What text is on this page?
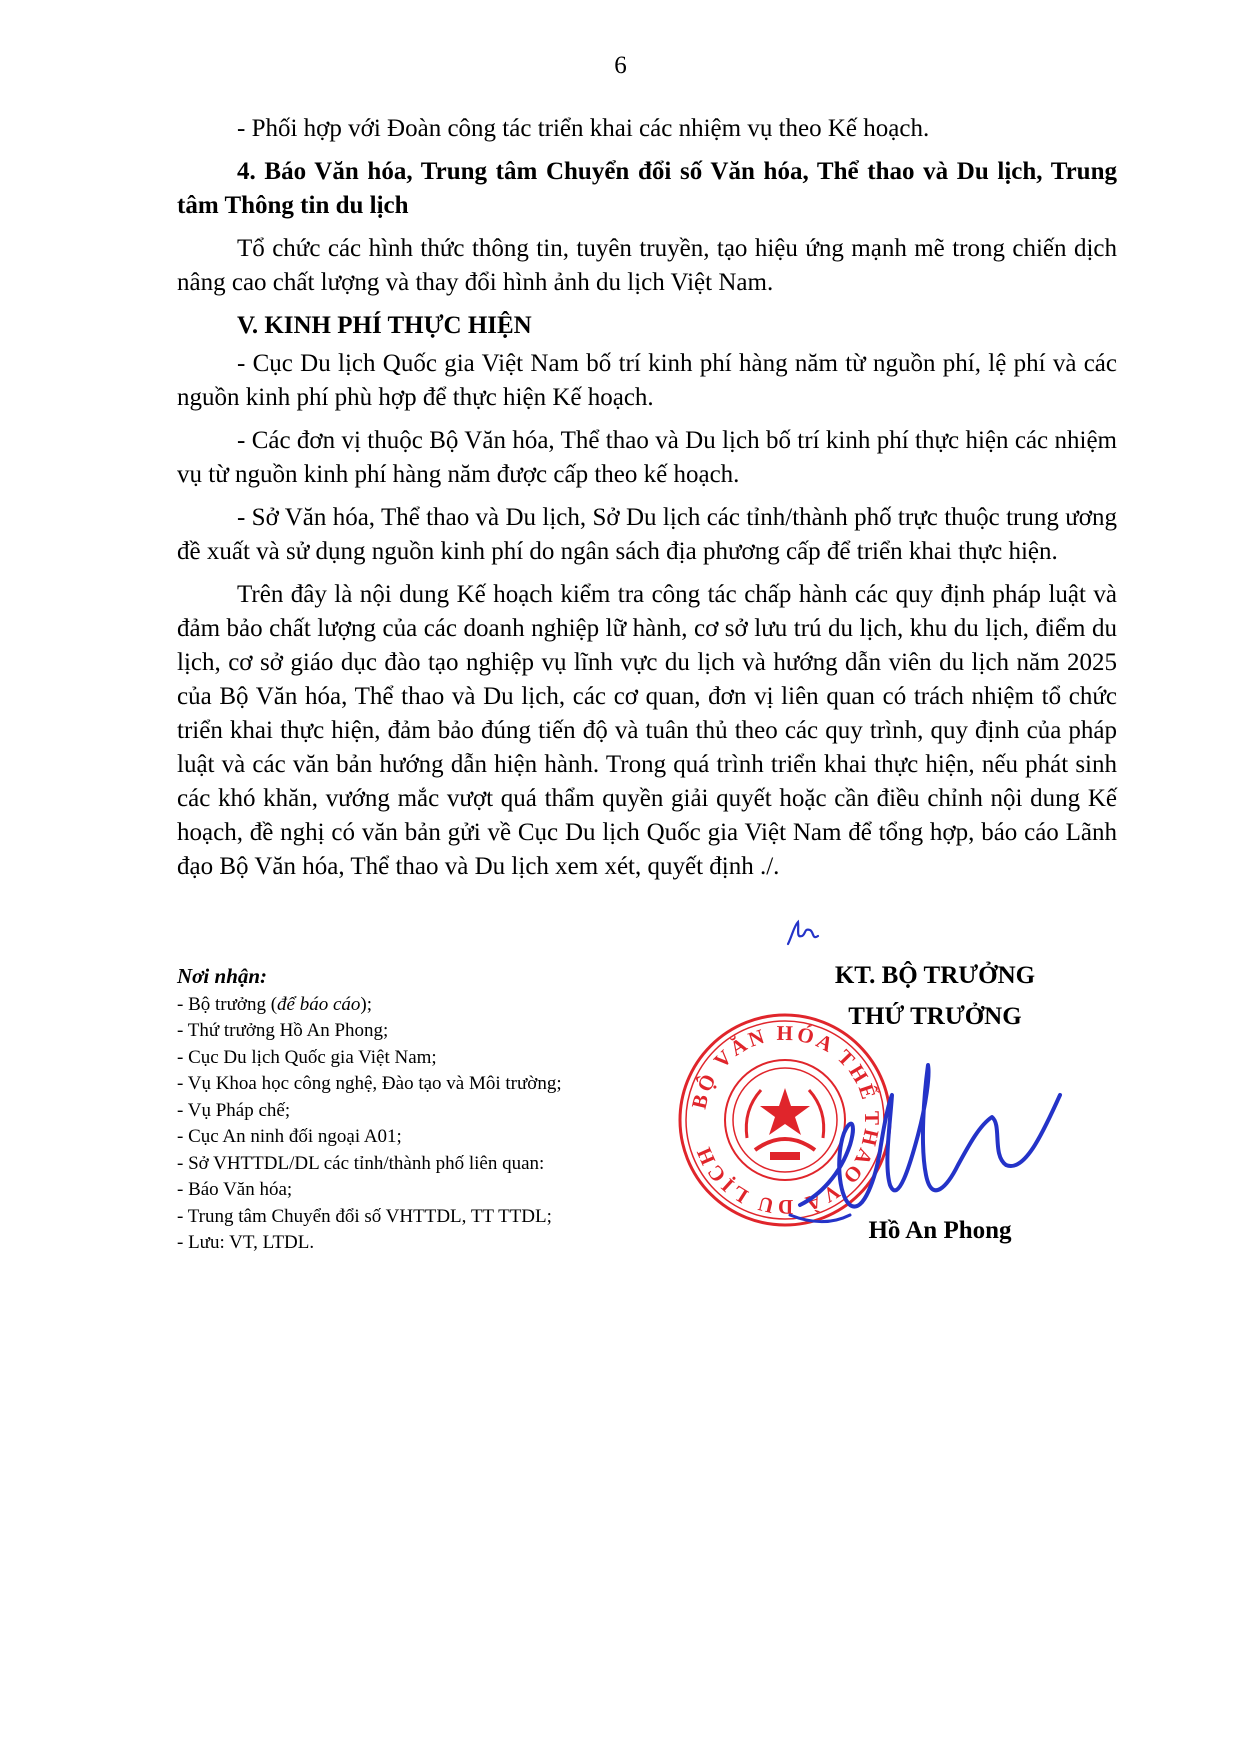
6

- Phối hợp với Đoàn công tác triển khai các nhiệm vụ theo Kế hoạch.

4. Báo Văn hóa, Trung tâm Chuyển đổi số Văn hóa, Thể thao và Du lịch, Trung tâm Thông tin du lịch

Tổ chức các hình thức thông tin, tuyên truyền, tạo hiệu ứng mạnh mẽ trong chiến dịch nâng cao chất lượng và thay đổi hình ảnh du lịch Việt Nam.

V. KINH PHÍ THỰC HIỆN

- Cục Du lịch Quốc gia Việt Nam bố trí kinh phí hàng năm từ nguồn phí, lệ phí và các nguồn kinh phí phù hợp để thực hiện Kế hoạch.

- Các đơn vị thuộc Bộ Văn hóa, Thể thao và Du lịch bố trí kinh phí thực hiện các nhiệm vụ từ nguồn kinh phí hàng năm được cấp theo kế hoạch.

- Sở Văn hóa, Thể thao và Du lịch, Sở Du lịch các tỉnh/thành phố trực thuộc trung ương đề xuất và sử dụng nguồn kinh phí do ngân sách địa phương cấp để triển khai thực hiện.

Trên đây là nội dung Kế hoạch kiểm tra công tác chấp hành các quy định pháp luật và đảm bảo chất lượng của các doanh nghiệp lữ hành, cơ sở lưu trú du lịch, khu du lịch, điểm du lịch, cơ sở giáo dục đào tạo nghiệp vụ lĩnh vực du lịch và hướng dẫn viên du lịch năm 2025 của Bộ Văn hóa, Thể thao và Du lịch, các cơ quan, đơn vị liên quan có trách nhiệm tổ chức triển khai thực hiện, đảm bảo đúng tiến độ và tuân thủ theo các quy trình, quy định của pháp luật và các văn bản hướng dẫn hiện hành. Trong quá trình triển khai thực hiện, nếu phát sinh các khó khăn, vướng mắc vượt quá thẩm quyền giải quyết hoặc cần điều chỉnh nội dung Kế hoạch, đề nghị có văn bản gửi về Cục Du lịch Quốc gia Việt Nam để tổng hợp, báo cáo Lãnh đạo Bộ Văn hóa, Thể thao và Du lịch xem xét, quyết định ./.

Nơi nhận:
- Bộ trưởng (để báo cáo);
- Thứ trưởng Hồ An Phong;
- Cục Du lịch Quốc gia Việt Nam;
- Vụ Khoa học công nghệ, Đào tạo và Môi trường;
- Vụ Pháp chế;
- Cục An ninh đối ngoại A01;
- Sở VHTTDL/DL các tỉnh/thành phố liên quan:
- Báo Văn hóa;
- Trung tâm Chuyển đổi số VHTTDL, TT TTDL;
- Lưu: VT, LTDL.
KT. BỘ TRƯỞNG
THỨ TRƯỞNG
BỘ VĂN HÓA THỂ THAO VÀ DU LỊCH
Hồ An Phong
